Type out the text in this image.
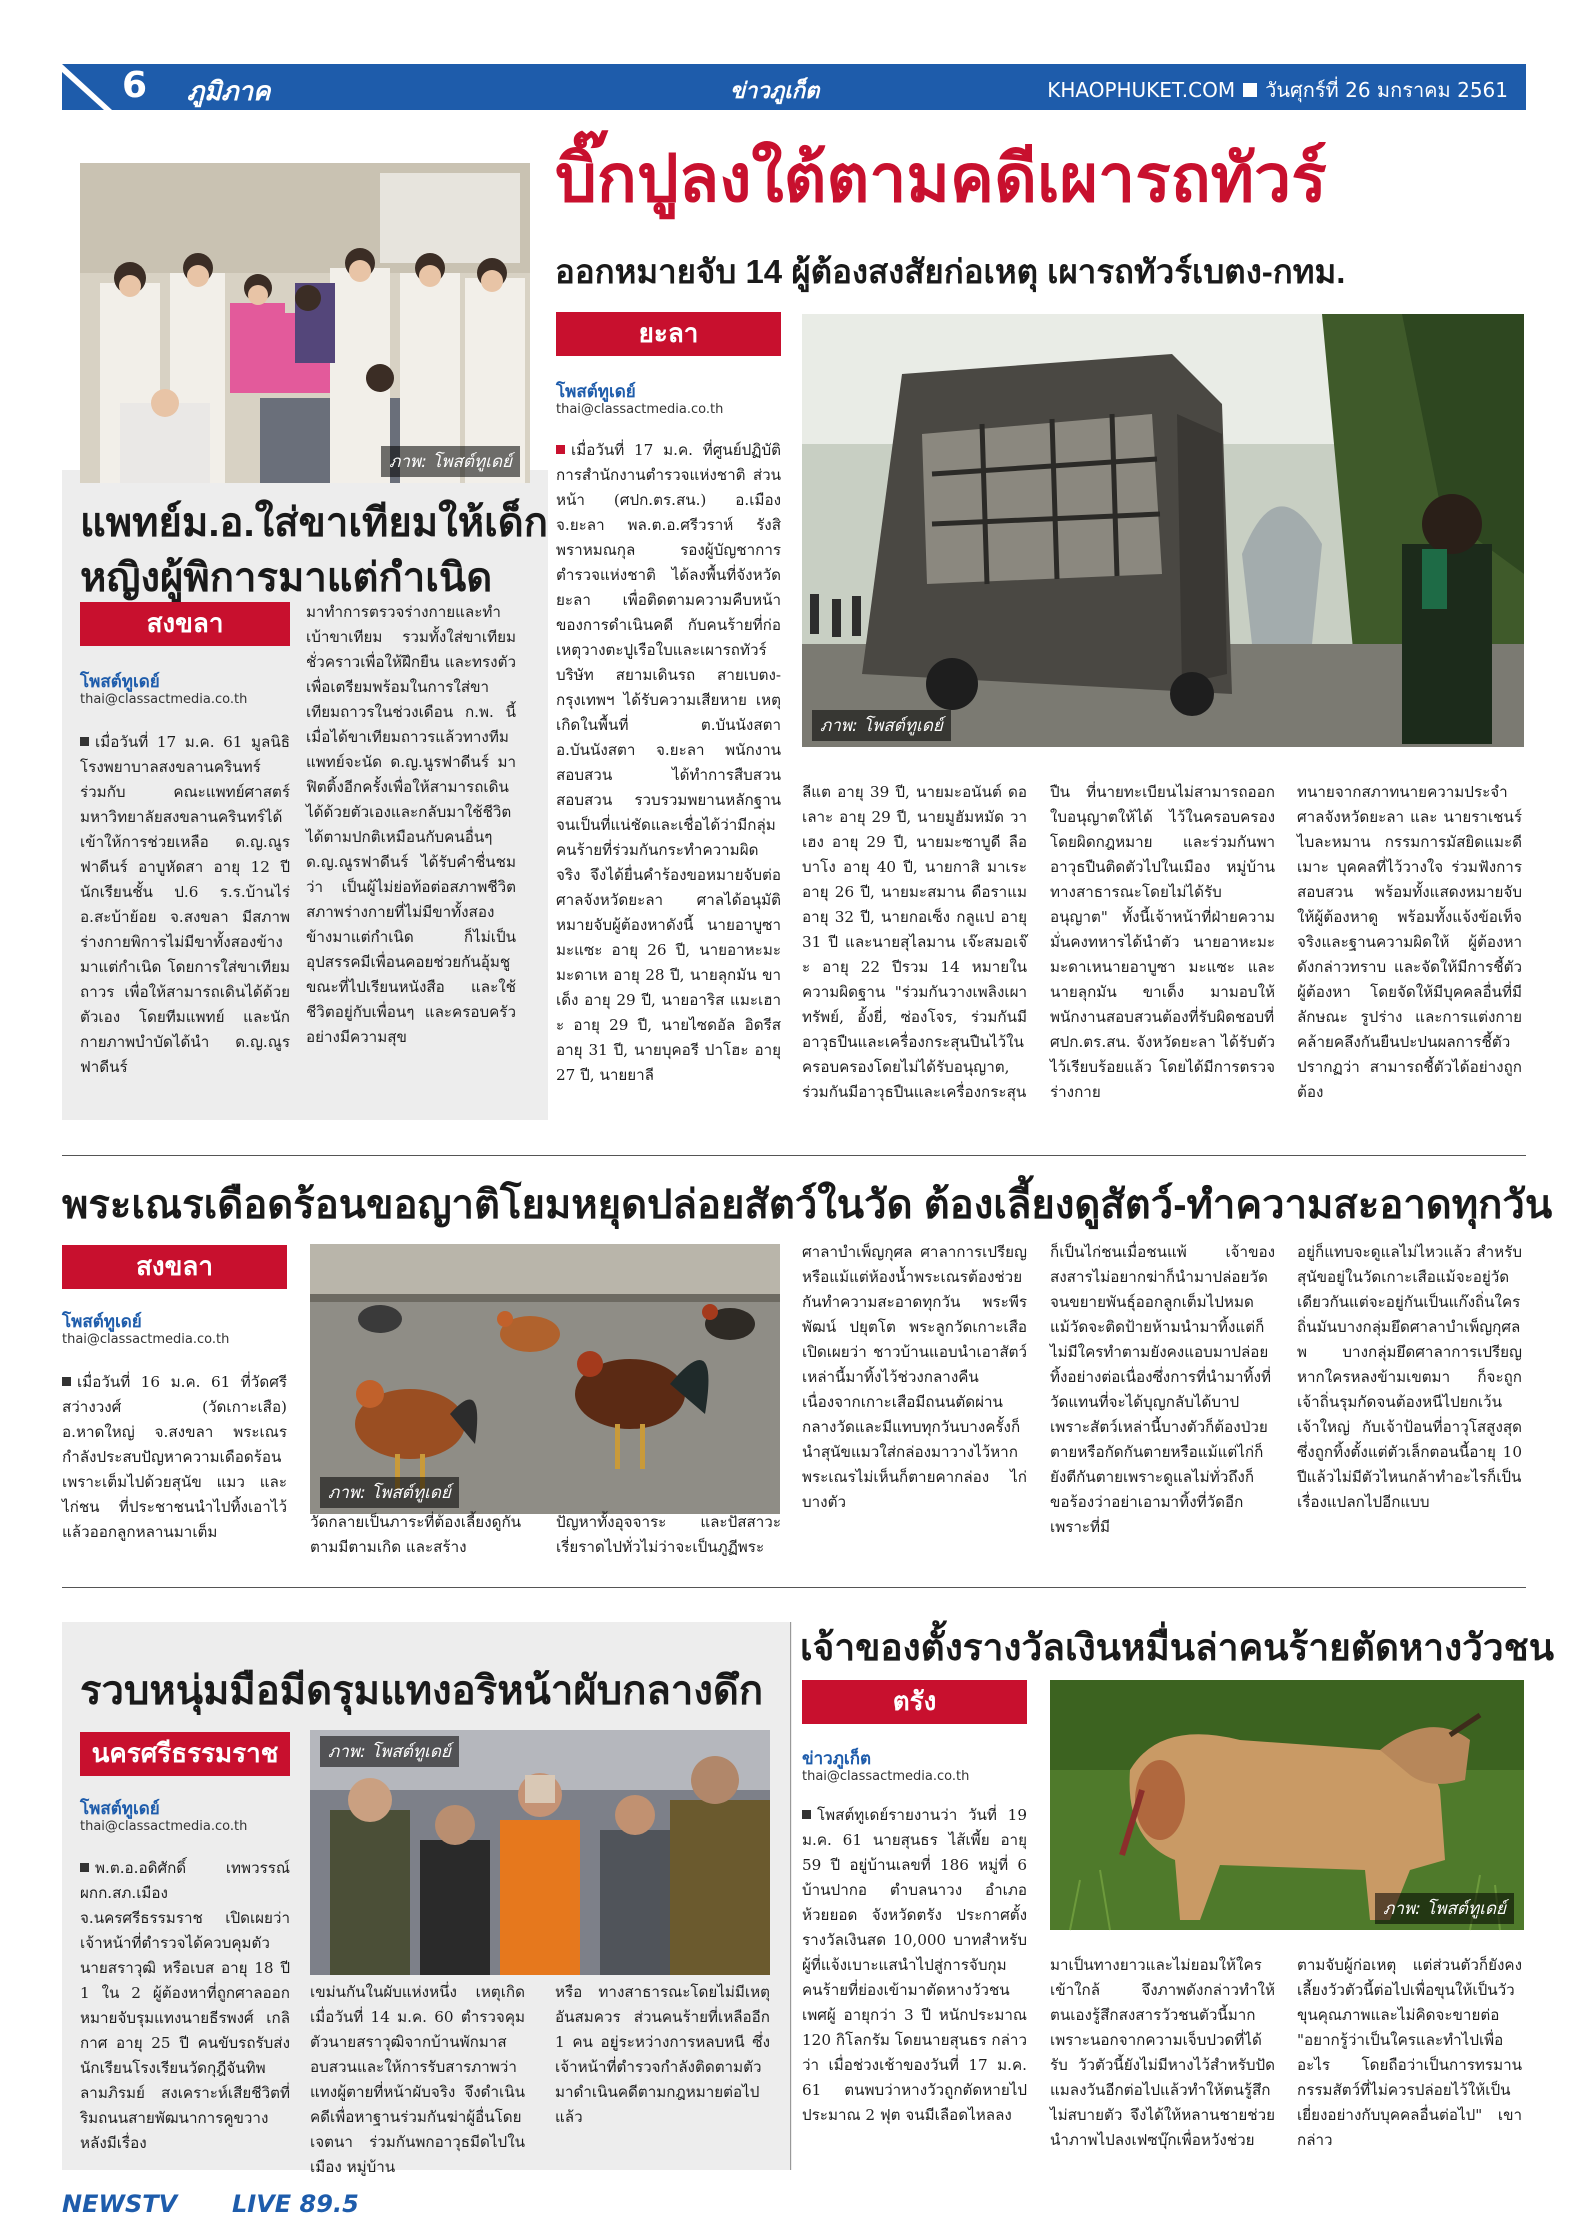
6 ภูมิภาค	ข่าวภูเก็ต	KHAOPHUKET.COM วันศุกร์ที่ 26 มกราคม 2561
ภาพ: โพสต์ทูเดย์
แพทย์ม.อ.ใส่ขาเทียมให้เด็ก
หญิงผู้พิการมาแต่กำเนิด
สงขลา
โพสต์ทูเดย์
thai@classactmedia.co.th
เมื่อวันที่ 17 ม.ค. 61 มูลนิธิโรงพยาบาลสงขลานครินทร์ ร่วมกับ คณะแพทย์ศาสตร์ มหาวิทยาลัยสงขลานครินทร์ได้เข้าให้การช่วยเหลือ ด.ญ.ณูรฟาดีนร์ อาบูหัดสา อายุ 12 ปี นักเรียนชั้น ป.6 ร.ร.บ้านไร่ อ.สะบ้าย้อย จ.สงขลา มีสภาพร่างกายพิการไม่มีขาทั้งสองข้างมาแต่กำเนิด โดยการใส่ขาเทียมถาวร เพื่อให้สามารถเดินได้ด้วยตัวเอง โดยทีมแพทย์ และนักกายภาพบำบัดได้นำ ด.ญ.ณูรฟาดีนร์
มาทำการตรวจร่างกายและทำเบ้าขาเทียม รวมทั้งใส่ขาเทียมชั่วคราวเพื่อให้ฝึกยืน และทรงตัวเพื่อเตรียมพร้อมในการใส่ขาเทียมถาวรในช่วงเดือน ก.พ. นี้ เมื่อได้ขาเทียมถาวรแล้วทางทีมแพทย์จะนัด ด.ญ.นูรฟาดีนร์ มาฟิตติ้งอีกครั้งเพื่อให้สามารถเดินได้ด้วยตัวเองและกลับมาใช้ชีวิตได้ตามปกติเหมือนกับคนอื่นๆ ด.ญ.ณูรฟาดีนร์ ได้รับคำชื่นชมว่า เป็นผู้ไม่ย่อท้อต่อสภาพชีวิต สภาพร่างกายที่ไม่มีขาทั้งสองข้างมาแต่กำเนิด ก็ไม่เป็นอุปสรรคมีเพื่อนคอยช่วยกันอุ้มชูขณะที่ไปเรียนหนังสือ และใช้ชีวิตอยู่กับเพื่อนๆ และครอบครัวอย่างมีความสุข
บิ๊กปูลงใต้ตามคดีเผารถทัวร์
ออกหมายจับ 14 ผู้ต้องสงสัยก่อเหตุ เผารถทัวร์เบตง-กทม.
ยะลา
โพสต์ทูเดย์
thai@classactmedia.co.th
ภาพ: โพสต์ทูเดย์
เมื่อวันที่ 17 ม.ค. ที่ศูนย์ปฏิบัติการสำนักงานตำรวจแห่งชาติ ส่วนหน้า (ศปก.ตร.สน.) อ.เมือง จ.ยะลา พล.ต.อ.ศรีวราห์ รังสิพราหมณกุล รองผู้บัญชาการตำรวจแห่งชาติ ได้ลงพื้นที่จังหวัดยะลา เพื่อติดตามความคืบหน้าของการดำเนินคดี กับคนร้ายที่ก่อเหตุวางตะปูเรือใบและเผารถทัวร์ บริษัท สยามเดินรถ สายเบตง-กรุงเทพฯ ได้รับความเสียหาย เหตุเกิดในพื้นที่ ต.บันนังสตา อ.บันนังสตา จ.ยะลา พนักงานสอบสวน ได้ทำการสืบสวนสอบสวน รวบรวมพยานหลักฐานจนเป็นที่แน่ชัดและเชื่อได้ว่ามีกลุ่มคนร้ายที่ร่วมกันกระทำความผิดจริง จึงได้ยื่นคำร้องขอหมายจับต่อศาลจังหวัดยะลา ศาลได้อนุมัติหมายจับผู้ต้องหาดังนี้ นายอาบูซา มะแซะ อายุ 26 ปี, นายอาหะมะ มะดาเห อายุ 28 ปี, นายลุกมัน ขาเด็ง อายุ 29 ปี, นายอาริส แมะเฮาะ อายุ 29 ปี, นายไซดอัล อิดรีส อายุ 31 ปี, นายบุคอรี ปาโฮะ อายุ 27 ปี, นายยาลี
ลีแต อายุ 39 ปี, นายมะอนันต์ ดอเลาะ อายุ 29 ปี, นายมูฮัมหมัด วาเฮง อายุ 29 ปี, นายมะซาบูดี ลือบาโง อายุ 40 ปี, นายกาสิ มาเระ อายุ 26 ปี, นายมะสมาน ดือราแม อายุ 32 ปี, นายกอเซ็ง กลูแป อายุ 31 ปี และนายสุไลมาน เจ๊ะสมอเจ๊ะ อายุ 22 ปีรวม 14 หมายในความผิดฐาน "ร่วมกันวางเพลิงเผาทรัพย์, อั้งยี่, ซ่องโจร, ร่วมกันมีอาวุธปืนและเครื่องกระสุนปืนไว้ในครอบครองโดยไม่ได้รับอนุญาต, ร่วมกันมีอาวุธปืนและเครื่องกระสุน
ปืน ที่นายทะเบียนไม่สามารถออกใบอนุญาตให้ได้ ไว้ในครอบครองโดยผิดกฎหมาย และร่วมกันพาอาวุธปืนติดตัวไปในเมือง หมู่บ้าน ทางสาธารณะโดยไม่ได้รับอนุญาต" ทั้งนี้เจ้าหน้าที่ฝ่ายความมั่นคงทหารได้นำตัว นายอาหะมะ มะดาเหนายอาบูซา มะแซะ และนายลุกมัน ขาเด็ง มามอบให้พนักงานสอบสวนต้องที่รับผิดชอบที่ ศปก.ตร.สน. จังหวัดยะลา ได้รับตัวไว้เรียบร้อยแล้ว โดยได้มีการตรวจร่างกาย
ทนายจากสภาทนายความประจำศาลจังหวัดยะลา และ นายราเชนร์ ไบละหมาน กรรมการมัสยิดแมะดีเมาะ บุคคลที่ไว้วางใจ ร่วมฟังการสอบสวน พร้อมทั้งแสดงหมายจับให้ผู้ต้องหาดู พร้อมทั้งแจ้งข้อเท็จจริงและฐานความผิดให้ ผู้ต้องหาดังกล่าวทราบ และจัดให้มีการชี้ตัวผู้ต้องหา โดยจัดให้มีบุคคลอื่นที่มีลักษณะ รูปร่าง และการแต่งกายคล้ายคลึงกันยืนปะปนผลการชี้ตัวปรากฏว่า สามารถชี้ตัวได้อย่างถูกต้อง
พระเณรเดือดร้อนขอญาติโยมหยุดปล่อยสัตว์ในวัด ต้องเลี้ยงดูสัตว์-ทำความสะอาดทุกวัน
สงขลา
โพสต์ทูเดย์
thai@classactmedia.co.th
ภาพ: โพสต์ทูเดย์
เมื่อวันที่ 16 ม.ค. 61 ที่วัดศรีสว่างวงศ์ (วัดเกาะเสือ) อ.หาดใหญ่ จ.สงขลา พระเณรกำลังประสบปัญหาความเดือดร้อนเพราะเต็มไปด้วยสุนัข แมว และไก่ชน ที่ประชาชนนำไปทิ้งเอาไว้แล้วออกลูกหลานมาเต็ม
วัดกลายเป็นภาระที่ต้องเลี้ยงดูกันตามมีตามเกิด และสร้าง
ปัญหาทั้งอุจจาระ และปัสสาวะเรี่ยราดไปทั่วไม่ว่าจะเป็นภูฏีพระ
ศาลาบำเพ็ญกุศล ศาลาการเปรียญ หรือแม้แต่ห้องน้ำพระเณรต้องช่วยกันทำความสะอาดทุกวัน พระพีรพัฒน์ ปยุตโต พระลูกวัดเกาะเสือ เปิดเผยว่า ชาวบ้านแอบนำเอาสัตว์เหล่านี้มาทิ้งไว้ช่วงกลางคืน เนื่องจากเกาะเสือมีถนนตัดผ่านกลางวัดและมีแทบทุกวันบางครั้งก็ นำสุนัขแมวใส่กล่องมาวางไว้หากพระเณรไม่เห็นก็ตายคากล่อง ไก่บางตัว
ก็เป็นไก่ชนเมื่อชนแพ้ เจ้าของสงสารไม่อยากฆ่าก็นำมาปล่อยวัดจนขยายพันธุ์ออกลูกเต็มไปหมด แม้วัดจะติดป้ายห้ามนำมาทิ้งแต่ก็ไม่มีใครทำตามยังคงแอบมาปล่อยทิ้งอย่างต่อเนื่องซึ่งการที่นำมาทิ้งที่วัดแทนที่จะได้บุญกลับได้บาปเพราะสัตว์เหล่านี้บางตัวก็ต้องป่วยตายหรือกัดกันตายหรือแม้แต่ไก่ก็ยังตีกันตายเพราะดูแลไม่ทั่วถึงก็ขอร้องว่าอย่าเอามาทิ้งที่วัดอีกเพราะที่มี
อยู่ก็แทบจะดูแลไม่ไหวแล้ว สำหรับสุนัขอยู่ในวัดเกาะเสือแม้จะอยู่วัดเดียวกันแต่จะอยู่กันเป็นแก๊งถิ่นใครถิ่นมันบางกลุ่มยึดศาลาบำเพ็ญกุศลพ บางกลุ่มยึดศาลาการเปรียญ หากใครหลงข้ามเขตมา ก็จะถูกเจ้าถิ่นรุมกัดจนต้องหนีไปยกเว้นเจ้าใหญ่ กับเจ้าป้อนที่อาวุโสสูงสุดซึ่งถูกทิ้งตั้งแต่ตัวเล็กตอนนี้อายุ 10 ปีแล้วไม่มีตัวไหนกล้าทำอะไรก็เป็นเรื่องแปลกไปอีกแบบ
รวบหนุ่มมือมีดรุมแทงอริหน้าผับกลางดึก
นครศรีธรรมราช
โพสต์ทูเดย์
thai@classactmedia.co.th
ภาพ: โพสต์ทูเดย์
พ.ต.อ.อดิศักดิ์ เทพวรรณ์ ผกก.สภ.เมือง จ.นครศรีธรรมราช เปิดเผยว่า เจ้าหน้าที่ตำรวจได้ควบคุมตัวนายสราวุฒิ หรือเบส อายุ 18 ปี 1 ใน 2 ผู้ต้องหาที่ถูกศาลออกหมายจับรุมแทงนายธีรพงศ์ เกลิกาศ อายุ 25 ปี คนขับรถรับส่งนักเรียนโรงเรียนวัดกุฎีจันทิพลามภิรมย์ สงเคราะห์เสียชีวิตที่ริมถนนสายพัฒนาการคูขวาง หลังมีเรื่อง
เขม่นกันในผับแห่งหนึ่ง เหตุเกิดเมื่อวันที่ 14 ม.ค. 60 ตำรวจคุมตัวนายสราวุฒิจากบ้านพักมาสอบสวนและให้การรับสารภาพว่าแทงผู้ตายที่หน้าผับจริง จึงดำเนินคดีเพื่อหาฐานร่วมกันฆ่าผู้อื่นโดยเจตนา ร่วมกันพกอาวุธมีดไปในเมือง หมู่บ้าน
หรือ ทางสาธารณะโดยไม่มีเหตุอันสมควร ส่วนคนร้ายที่เหลืออีก 1 คน อยู่ระหว่างการหลบหนี ซึ่งเจ้าหน้าที่ตำรวจกำลังติดตามตัวมาดำเนินคดีตามกฎหมายต่อไปแล้ว
เจ้าของตั้งรางวัลเงินหมื่นล่าคนร้ายตัดหางวัวชน
ตรัง
ข่าวภูเก็ต
thai@classactmedia.co.th
ภาพ: โพสต์ทูเดย์
โพสต์ทูเดย์รายงานว่า วันที่ 19 ม.ค. 61 นายสุนธร ไส้เพี้ย อายุ 59 ปี อยู่บ้านเลขที่ 186 หมู่ที่ 6 บ้านปากอ ตำบลนาวง อำเภอห้วยยอด จังหวัดตรัง ประกาศตั้งรางวัลเงินสด 10,000 บาทสำหรับผู้ที่แจ้งเบาะแสนำไปสู่การจับกุมคนร้ายที่ย่องเข้ามาตัดหางวัวชนเพศผู้ อายุกว่า 3 ปี หนักประมาณ 120 กิโลกรัม โดยนายสุนธร กล่าวว่า เมื่อช่วงเช้าของวันที่ 17 ม.ค. 61 ตนพบว่าหางวัวถูกตัดหายไปประมาณ 2 ฟุต จนมีเลือดไหลลง
มาเป็นทางยาวและไม่ยอมให้ใครเข้าใกล้ จึงภาพดังกล่าวทำให้ตนเองรู้สึกสงสารวัวชนตัวนี้มากเพราะนอกจากความเจ็บปวดที่ได้รับ วัวตัวนี้ยังไม่มีหางไว้สำหรับปัดแมลงวันอีกต่อไปแล้วทำให้ตนรู้สึกไม่สบายตัว จึงได้ให้หลานชายช่วยนำภาพไปลงเฟซบุ๊กเพื่อหวังช่วย
ตามจับผู้ก่อเหตุ แต่ส่วนตัวก็ยังคงเลี้ยงวัวตัวนี้ต่อไปเพื่อขุนให้เป็นวัวขุนคุณภาพและไม่คิดจะขายต่อ "อยากรู้ว่าเป็นใครและทำไปเพื่ออะไร โดยถือว่าเป็นการทรมานกรรมสัตว์ที่ไม่ควรปล่อยไว้ให้เป็นเยี่ยงอย่างกับบุคคลอื่นต่อไป" เขากล่าว
NEWSTV LIVE 89.5
